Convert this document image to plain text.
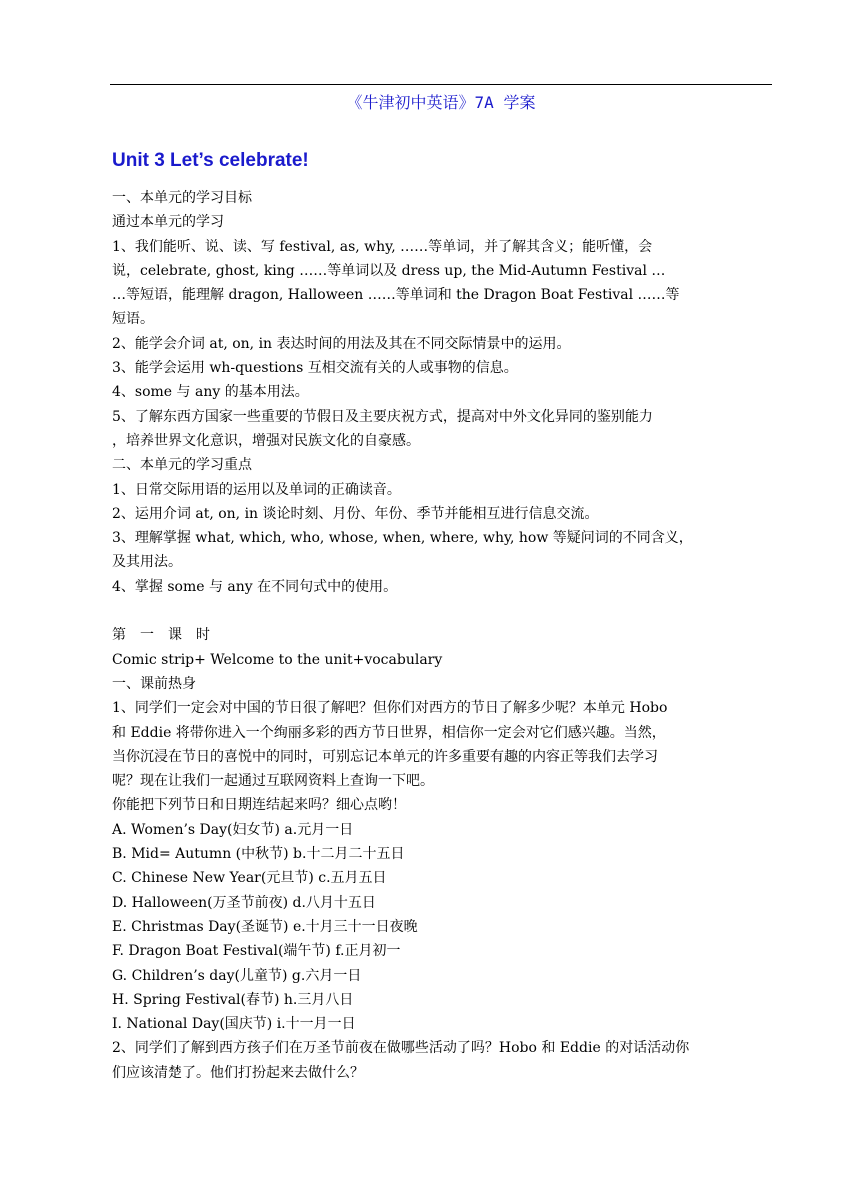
《牛津初中英语》7A 学案
Unit 3 Let’s celebrate!
一、本单元的学习目标
通过本单元的学习
1、我们能听、说、读、写 festival, as, why, ……等单词，并了解其含义；能听懂，会
说，celebrate, ghost, king ……等单词以及 dress up, the Mid-Autumn Festival …
…等短语，能理解 dragon, Halloween ……等单词和 the Dragon Boat Festival ……等
短语。
2、能学会介词 at, on, in 表达时间的用法及其在不同交际情景中的运用。
3、能学会运用 wh-questions 互相交流有关的人或事物的信息。
4、some 与 any 的基本用法。
5、了解东西方国家一些重要的节假日及主要庆祝方式，提高对中外文化异同的鉴别能力
，培养世界文化意识，增强对民族文化的自豪感。
二、本单元的学习重点
1、日常交际用语的运用以及单词的正确读音。
2、运用介词 at, on, in 谈论时刻、月份、年份、季节并能相互进行信息交流。
3、理解掌握 what, which, who, whose, when, where, why, how 等疑问词的不同含义，
及其用法。
4、掌握 some 与 any 在不同句式中的使用。
第　一　课　时
Comic strip+ Welcome to the unit+vocabulary
一、课前热身
1、同学们一定会对中国的节日很了解吧？但你们对西方的节日了解多少呢？本单元 Hobo
和 Eddie 将带你进入一个绚丽多彩的西方节日世界，相信你一定会对它们感兴趣。当然，
当你沉浸在节日的喜悦中的同时，可别忘记本单元的许多重要有趣的内容正等我们去学习
呢？现在让我们一起通过互联网资料上查询一下吧。
你能把下列节日和日期连结起来吗？细心点哟！
A. Women’s Day(妇女节) a.元月一日
B. Mid= Autumn (中秋节) b.十二月二十五日
C. Chinese New Year(元旦节) c.五月五日
D. Halloween(万圣节前夜) d.八月十五日
E. Christmas Day(圣诞节) e.十月三十一日夜晚
F. Dragon Boat Festival(端午节) f.正月初一
G. Children’s day(儿童节) g.六月一日
H. Spring Festival(春节) h.三月八日
I. National Day(国庆节) i.十一月一日
2、同学们了解到西方孩子们在万圣节前夜在做哪些活动了吗？Hobo 和 Eddie 的对话活动你
们应该清楚了。他们打扮起来去做什么？
